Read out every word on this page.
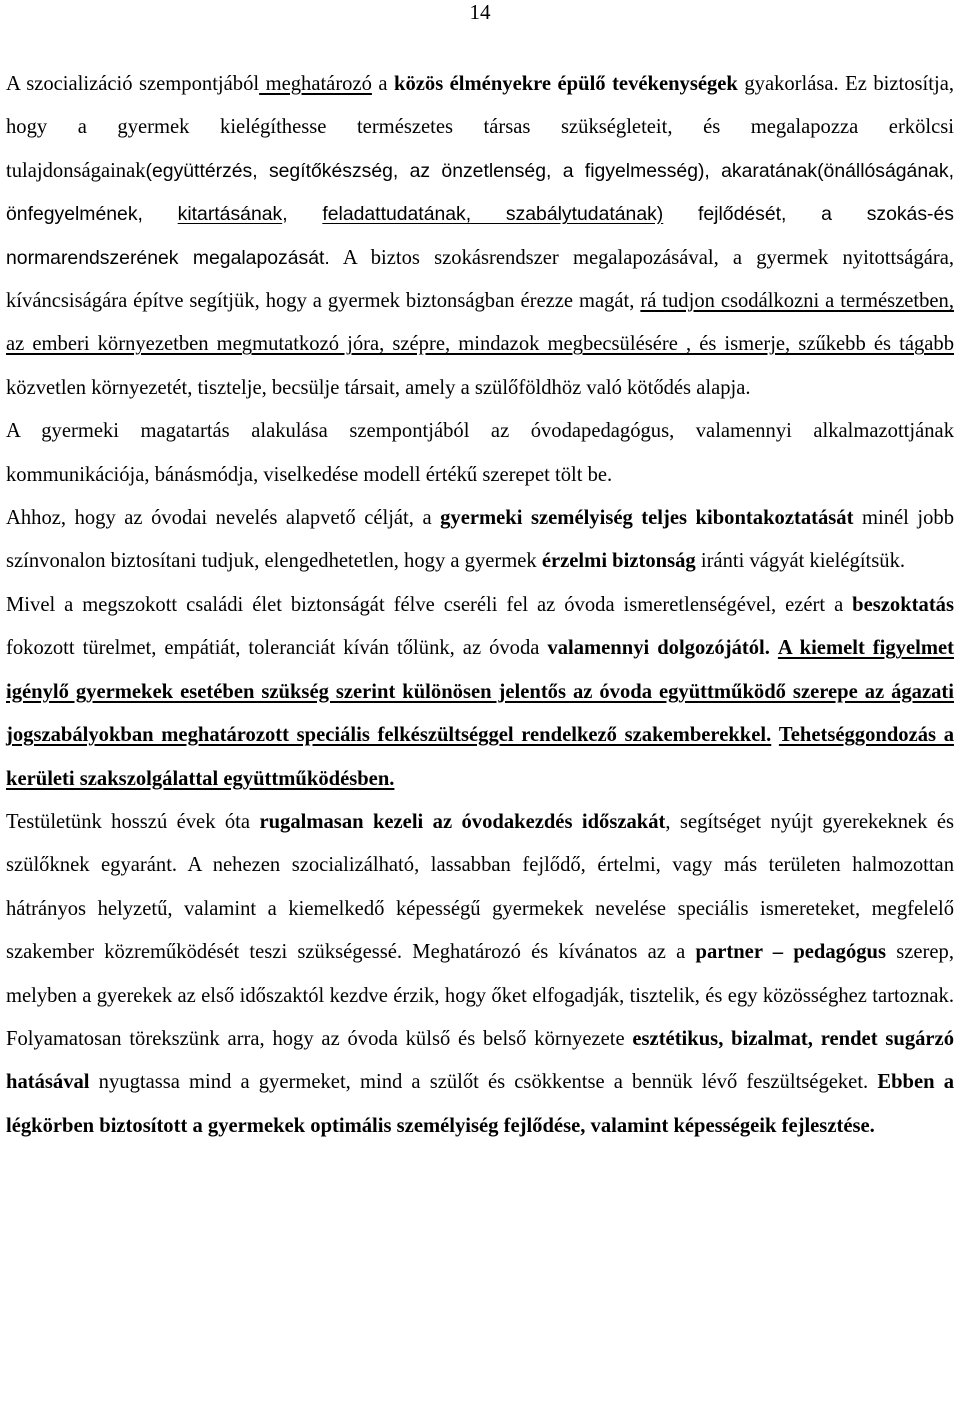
14

A szocializáció szempontjából meghatározó a közös élményekre épülő tevékenységek gyakorlása. Ez biztosítja, hogy a gyermek kielégíthesse természetes társas szükségleteit, és megalapozza erkölcsi tulajdonságainak(együttérzés, segítőkészség, az önzetlenség, a figyelmesség), akaratának(önállóságának, önfegyelmének, kitartásának, feladattudatának, szabálytudatának) fejlődését, a szokás-és normarendszerének megalapozását. A biztos szokásrendszer megalapozásával, a gyermek nyitottságára, kíváncsiságára építve segítjük, hogy a gyermek biztonságban érezze magát, rá tudjon csodálkozni a természetben, az emberi környezetben megmutatkozó jóra, szépre, mindazok megbecsülésére , és ismerje, szűkebb és tágabb közvetlen környezetét, tisztelje, becsülje társait, amely a szülőföldhöz való kötődés alapja.

A gyermeki magatartás alakulása szempontjából az óvodapedagógus, valamennyi alkalmazottjának kommunikációja, bánásmódja, viselkedése modell értékű szerepet tölt be.

Ahhoz, hogy az óvodai nevelés alapvető célját, a gyermeki személyiség teljes kibontakoztatását minél jobb színvonalon biztosítani tudjuk, elengedhetetlen, hogy a gyermek érzelmi biztonság iránti vágyát kielégítsük.

Mivel a megszokott családi élet biztonságát félve cseréli fel az óvoda ismeretlenségével, ezért a beszoktatás fokozott türelmet, empátiát, toleranciát kíván tőlünk, az óvoda valamennyi dolgozójától. A kiemelt figyelmet igénylő gyermekek esetében szükség szerint különösen jelentős az óvoda együttműködő szerepe az ágazati jogszabályokban meghatározott speciális felkészültséggel rendelkező szakemberekkel. Tehetséggondozás a kerületi szakszolgálattal együttműködésben.

Testületünk hosszú évek óta rugalmasan kezeli az óvodakezdés időszakát, segítséget nyújt gyerekeknek és szülőknek egyaránt. A nehezen szocializálható, lassabban fejlődő, értelmi, vagy más területen halmozottan hátrányos helyzetű, valamint a kiemelkedő képességű gyermekek nevelése speciális ismereteket, megfelelő szakember közreműködését teszi szükségessé. Meghatározó és kívánatos az a partner – pedagógus szerep, melyben a gyerekek az első időszaktól kezdve érzik, hogy őket elfogadják, tisztelik, és egy közösséghez tartoznak. Folyamatosan törekszünk arra, hogy az óvoda külső és belső környezete esztétikus, bizalmat, rendet sugárzó hatásával nyugtassa mind a gyermeket, mind a szülőt és csökkentse a bennük lévő feszültségeket. Ebben a légkörben biztosított a gyermekek optimális személyiség fejlődése, valamint képességeik fejlesztése.
